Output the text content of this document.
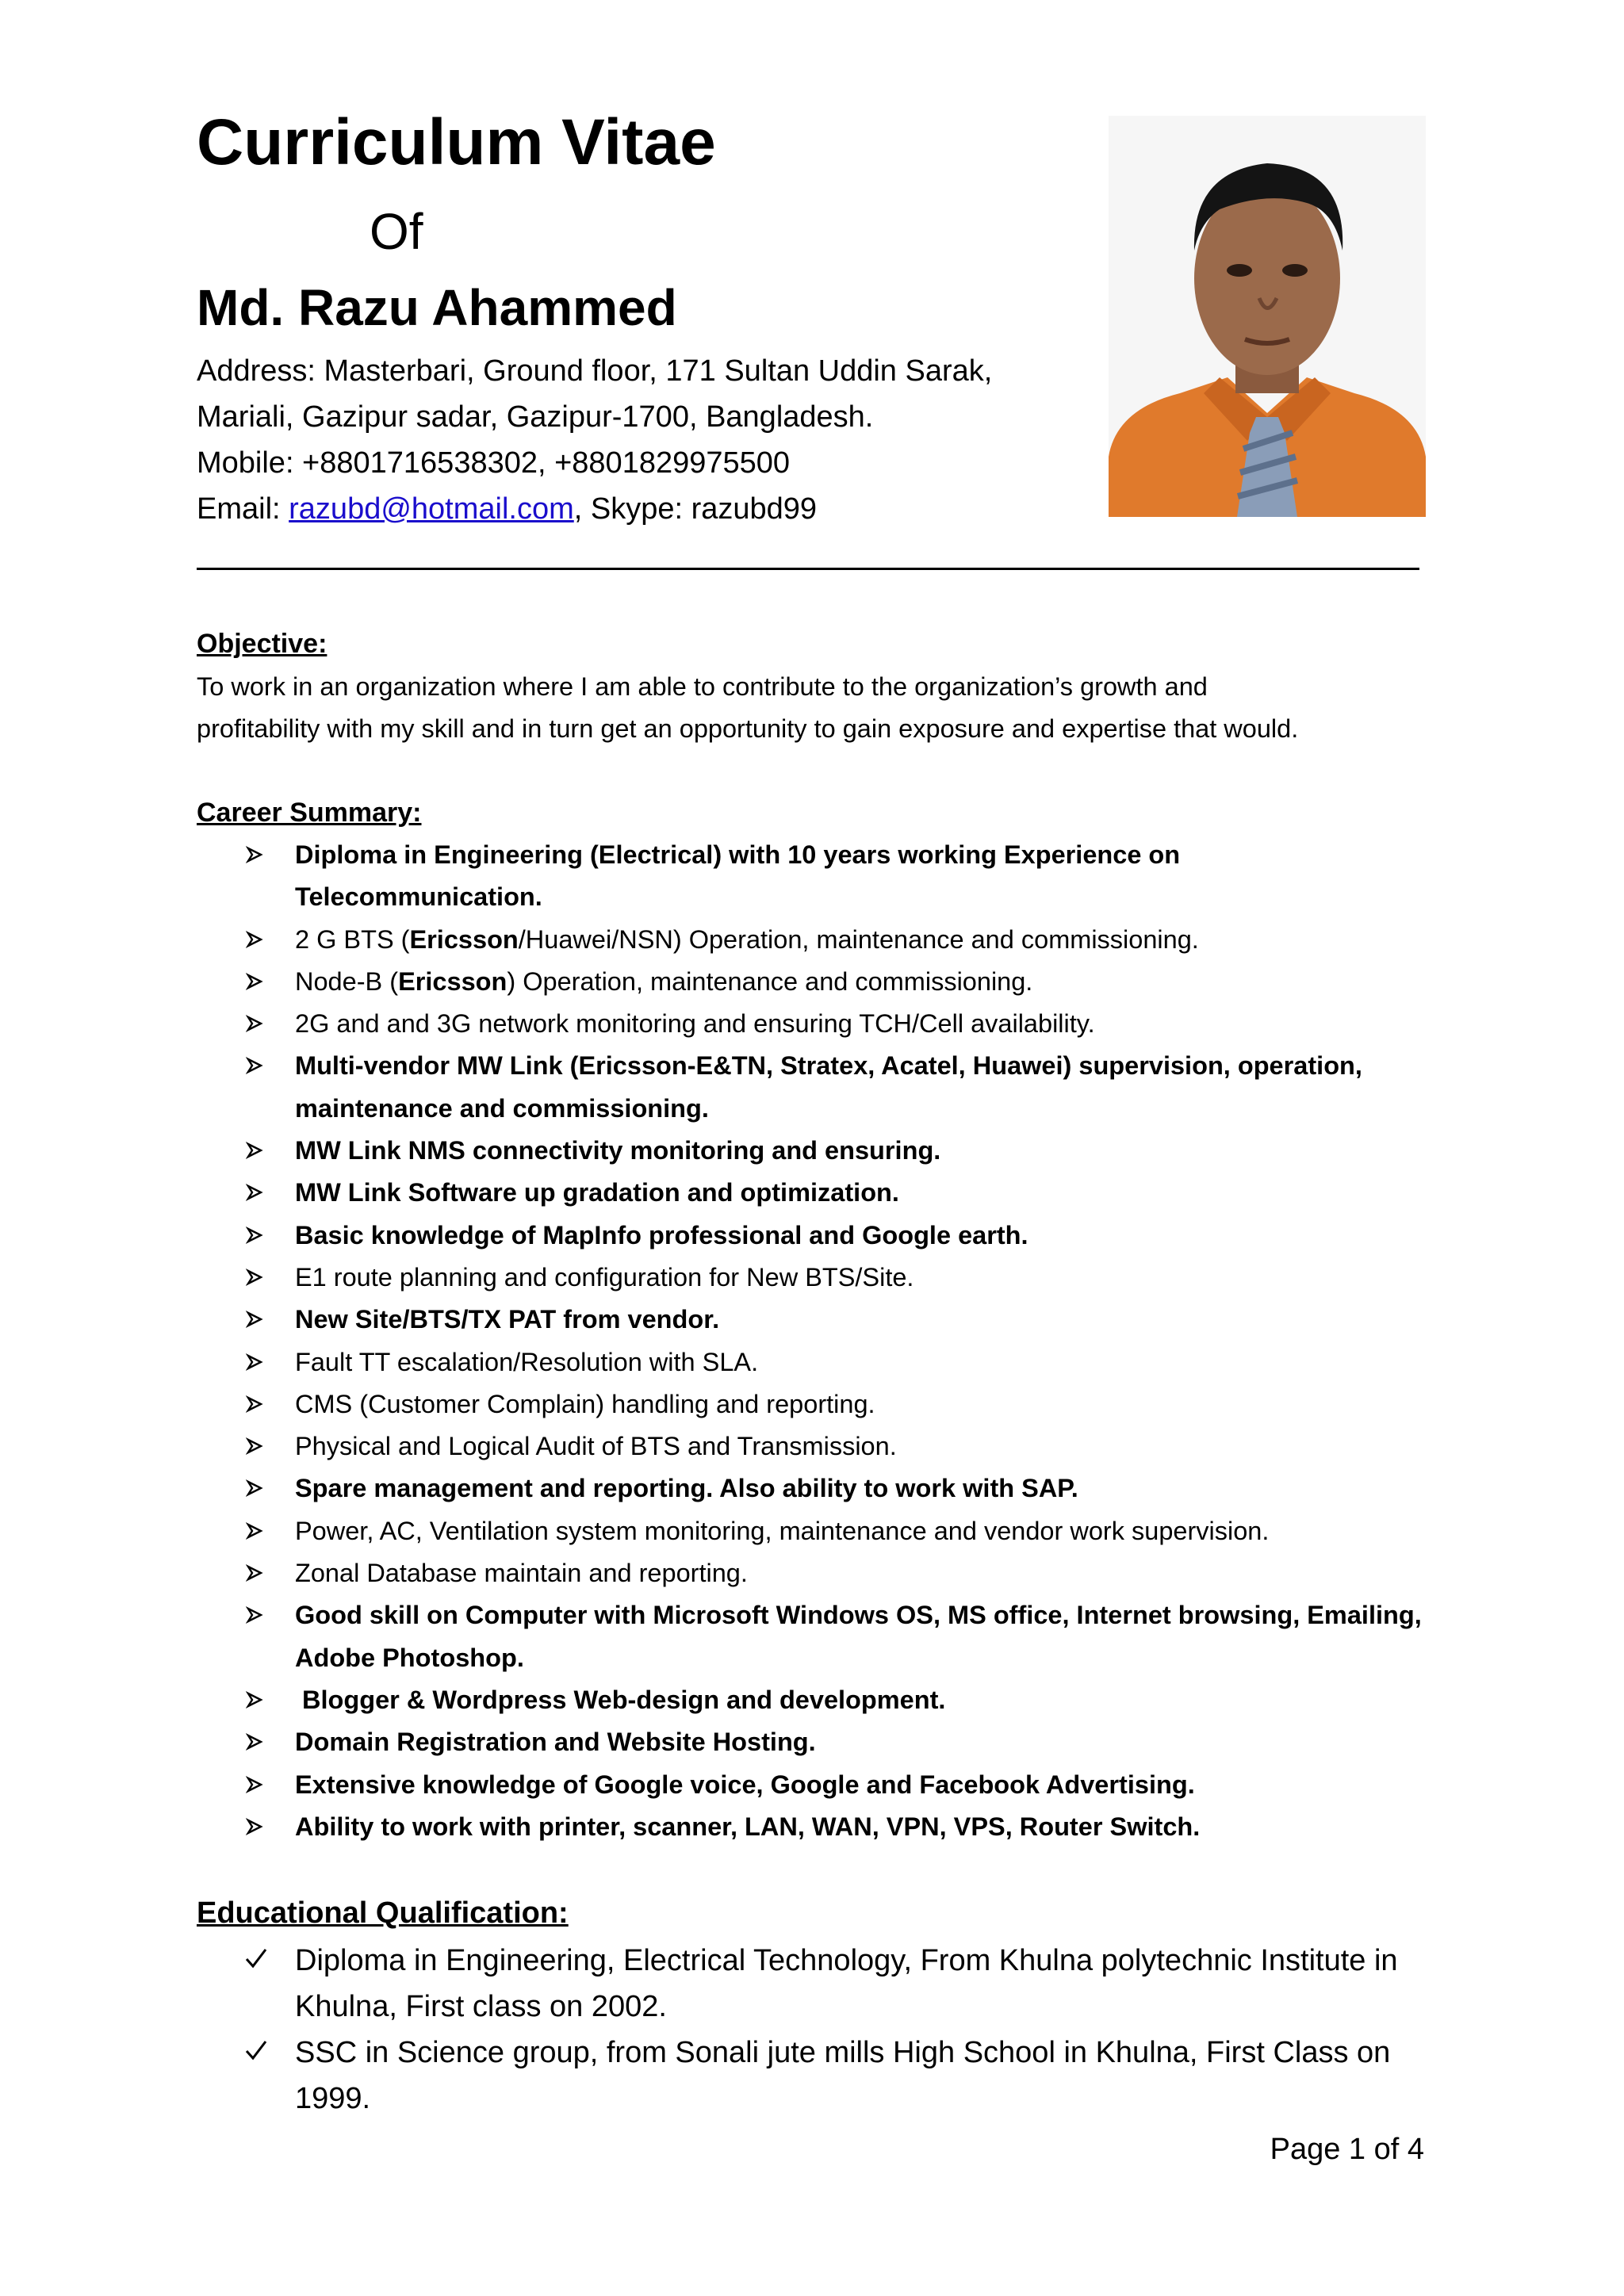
Curriculum Vitae
Of
Md. Razu Ahammed
Address: Masterbari, Ground floor, 171 Sultan Uddin Sarak,
Mariali, Gazipur sadar, Gazipur-1700, Bangladesh.
Mobile: +8801716538302, +8801829975500
Email: razubd@hotmail.com, Skype: razubd99
Objective:
To work in an organization where I am able to contribute to the organization’s growth and
profitability with my skill and in turn get an opportunity to gain exposure and expertise that would.
Career Summary:
Diploma in Engineering (Electrical) with 10 years working Experience on Telecommunication.
2 G BTS (Ericsson/Huawei/NSN) Operation, maintenance and commissioning.
Node-B (Ericsson) Operation, maintenance and commissioning.
2G and and 3G network monitoring and ensuring TCH/Cell availability.
Multi-vendor MW Link (Ericsson-E&TN, Stratex, Acatel, Huawei) supervision, operation, maintenance and commissioning.
MW Link NMS connectivity monitoring and ensuring.
MW Link Software up gradation and optimization.
Basic knowledge of MapInfo professional and Google earth.
E1 route planning and configuration for New BTS/Site.
New Site/BTS/TX PAT from vendor.
Fault TT escalation/Resolution with SLA.
CMS (Customer Complain) handling and reporting.
Physical and Logical Audit of BTS and Transmission.
Spare management and reporting. Also ability to work with SAP.
Power, AC, Ventilation system monitoring, maintenance and vendor work supervision.
Zonal Database maintain and reporting.
Good skill on Computer with Microsoft Windows OS, MS office, Internet browsing, Emailing, Adobe Photoshop.
Blogger & Wordpress Web-design and development.
Domain Registration and Website Hosting.
Extensive knowledge of Google voice, Google and Facebook Advertising.
Ability to work with printer, scanner, LAN, WAN, VPN, VPS, Router Switch.
Educational Qualification:
Diploma in Engineering, Electrical Technology, From Khulna polytechnic Institute in Khulna, First class on 2002.
SSC in Science group, from Sonali jute mills High School in Khulna, First Class on 1999.
Page 1 of 4
